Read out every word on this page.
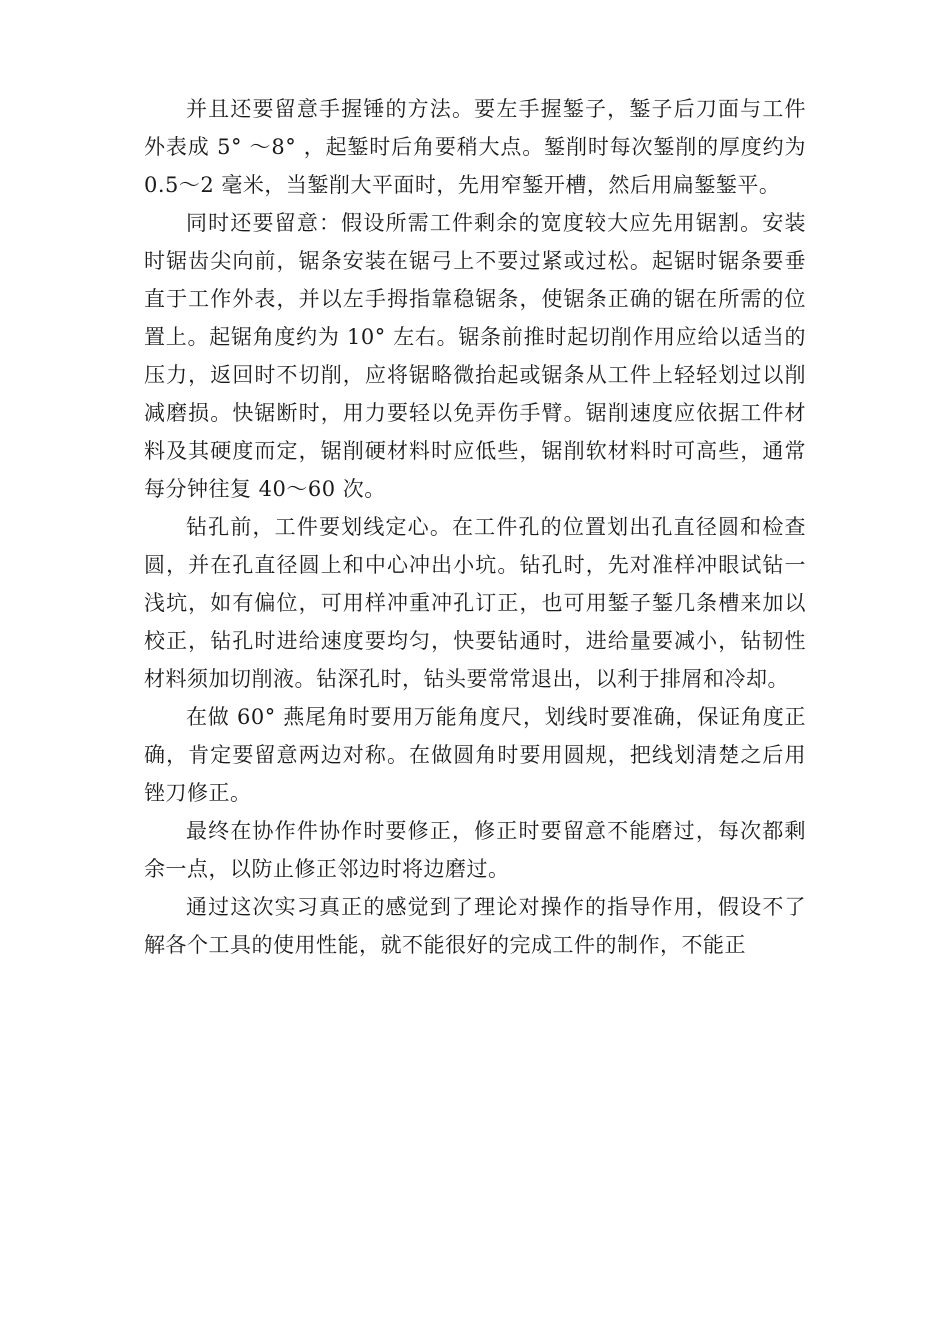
并且还要留意手握锤的方法。要左手握錾子，錾子后刀面与工件外表成 5° ～8° ，起錾时后角要稍大点。錾削时每次錾削的厚度约为 0.5～2 毫米，当錾削大平面时，先用窄錾开槽，然后用扁錾錾平。

同时还要留意：假设所需工件剩余的宽度较大应先用锯割。安装时锯齿尖向前，锯条安装在锯弓上不要过紧或过松。起锯时锯条要垂直于工作外表，并以左手拇指靠稳锯条，使锯条正确的锯在所需的位置上。起锯角度约为 10° 左右。锯条前推时起切削作用应给以适当的压力，返回时不切削，应将锯略微抬起或锯条从工件上轻轻划过以削减磨损。快锯断时，用力要轻以免弄伤手臂。锯削速度应依据工件材料及其硬度而定，锯削硬材料时应低些，锯削软材料时可高些，通常每分钟往复 40～60 次。

钻孔前，工件要划线定心。在工件孔的位置划出孔直径圆和检查圆，并在孔直径圆上和中心冲出小坑。钻孔时，先对准样冲眼试钻一浅坑，如有偏位，可用样冲重冲孔订正，也可用錾子錾几条槽来加以校正，钻孔时进给速度要均匀，快要钻通时，进给量要减小，钻韧性材料须加切削液。钻深孔时，钻头要常常退出，以利于排屑和冷却。

在做 60° 燕尾角时要用万能角度尺，划线时要准确，保证角度正确，肯定要留意两边对称。在做圆角时要用圆规，把线划清楚之后用锉刀修正。

最终在协作件协作时要修正，修正时要留意不能磨过，每次都剩余一点，以防止修正邻边时将边磨过。

通过这次实习真正的感觉到了理论对操作的指导作用，假设不了解各个工具的使用性能，就不能很好的完成工件的制作，不能正
